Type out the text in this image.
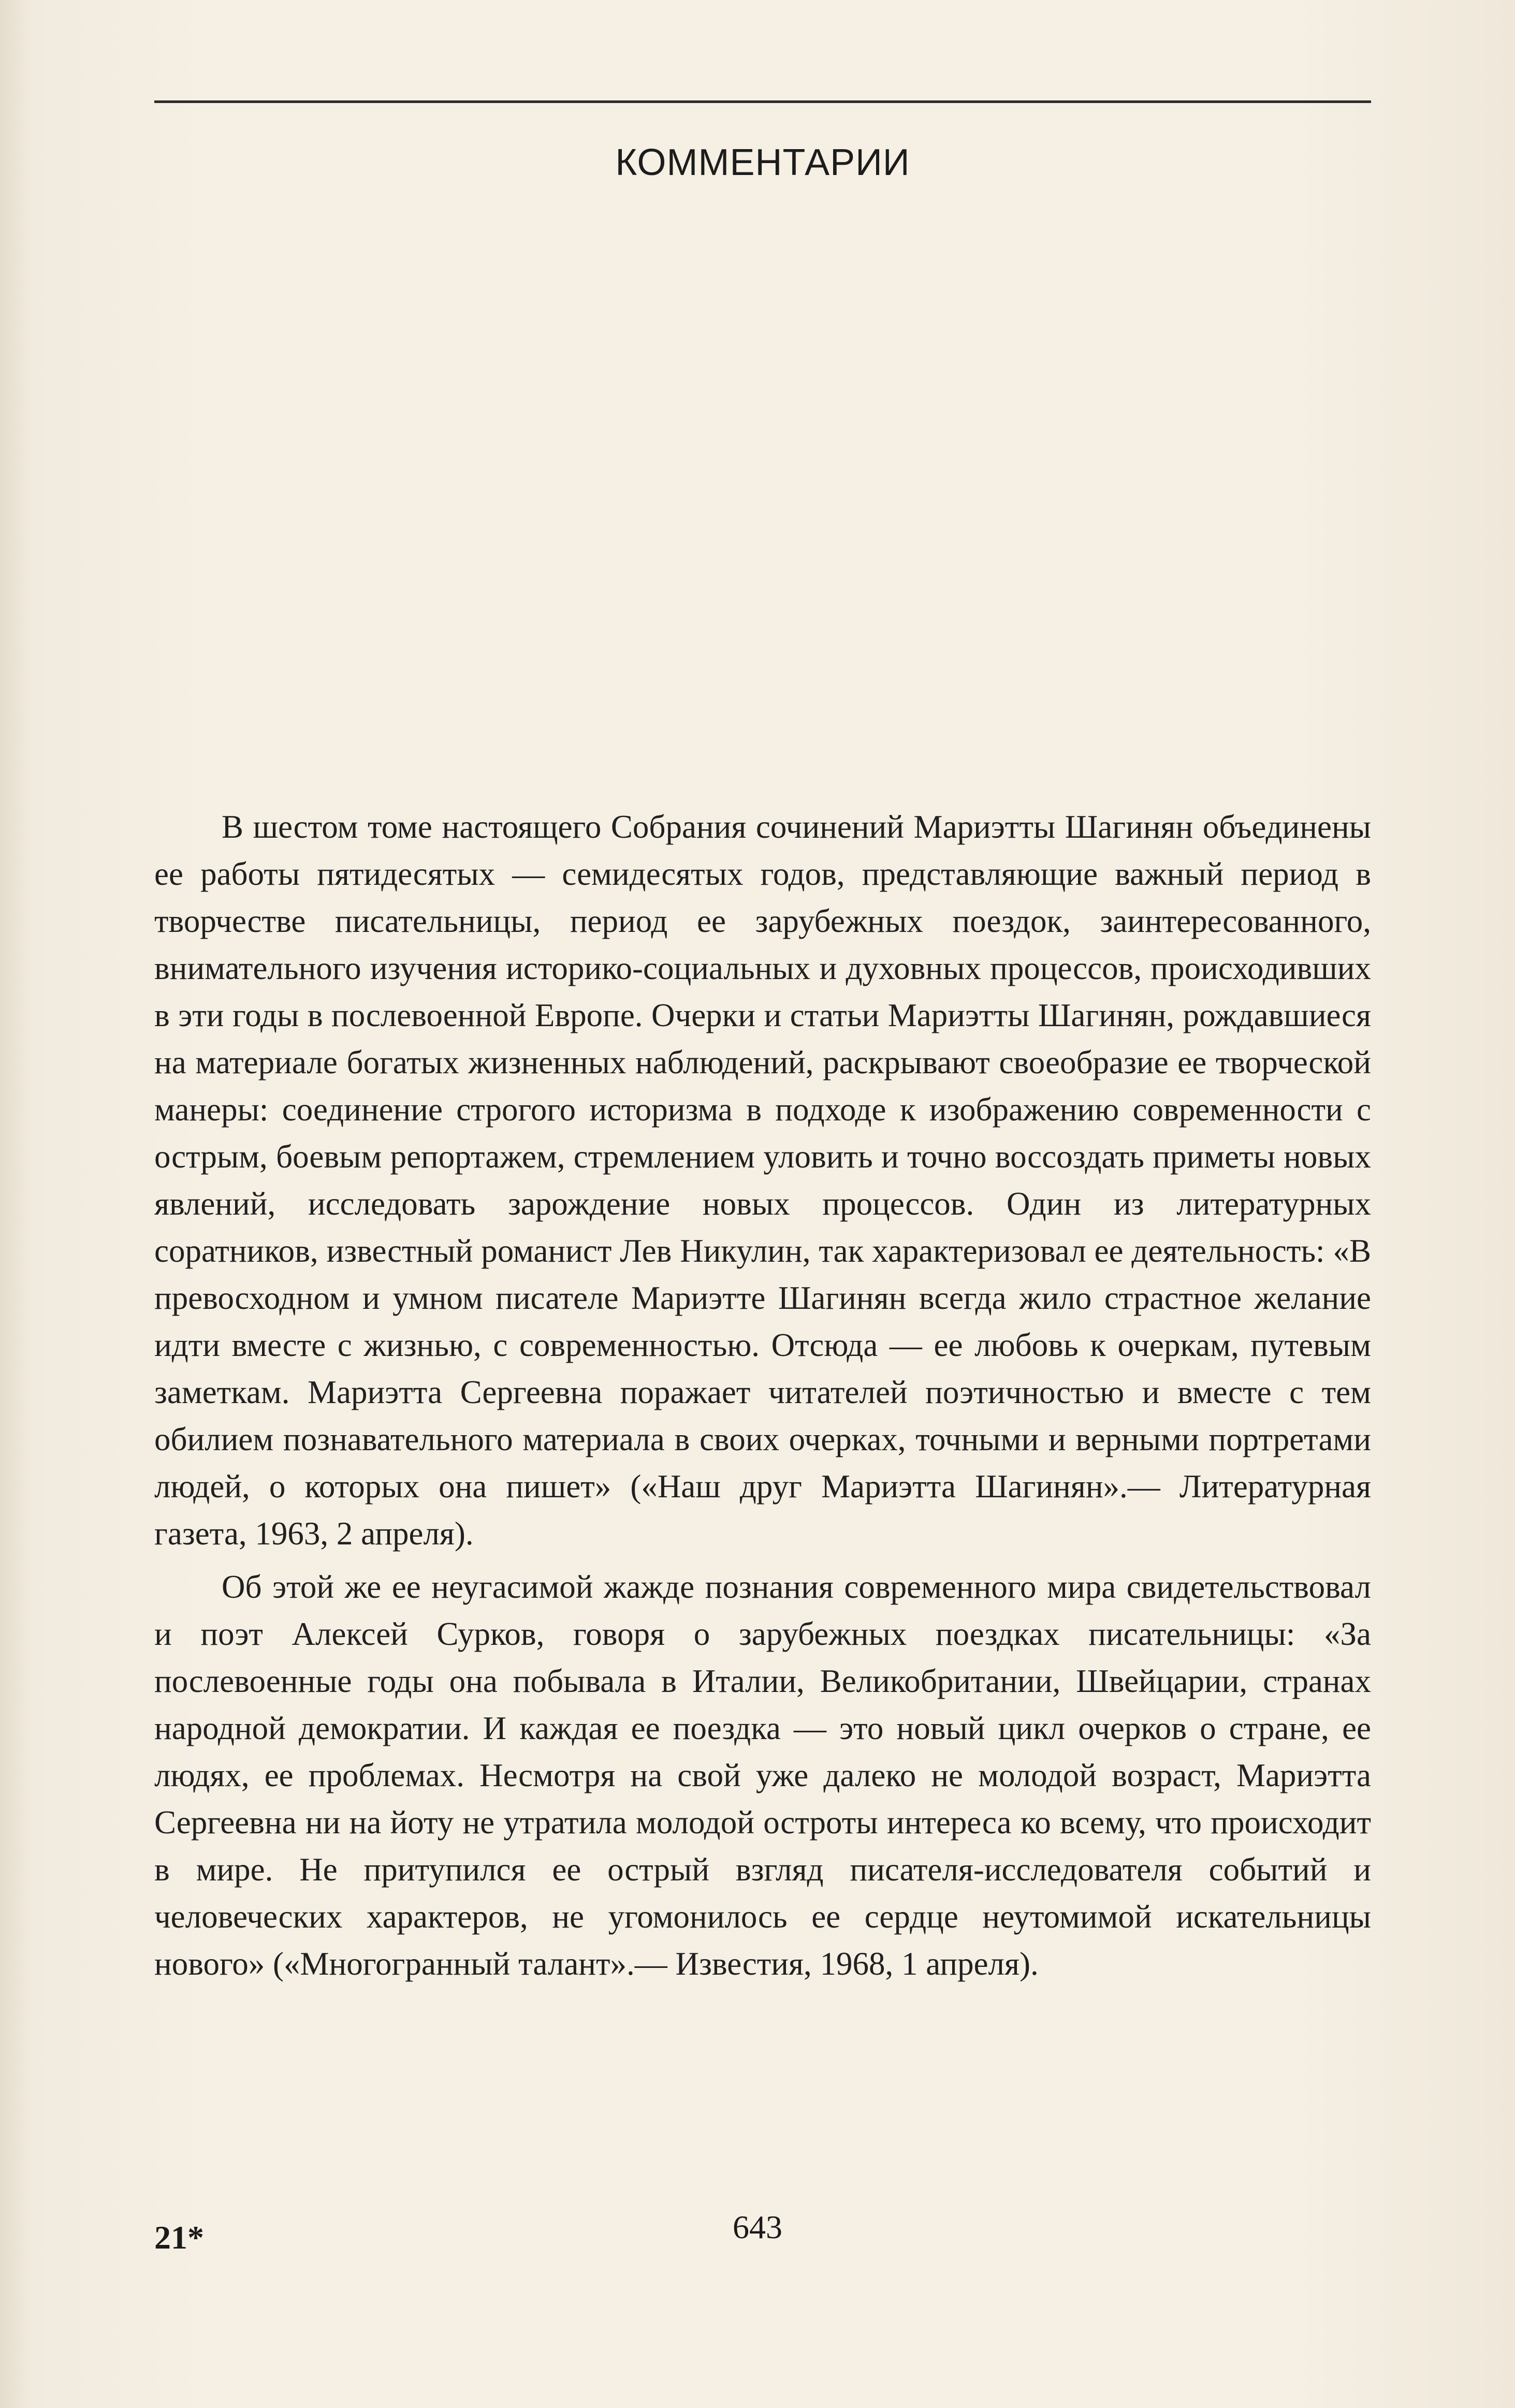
КОММЕНТАРИИ

В шестом томе настоящего Собрания сочинений Мариэтты Шагинян объединены ее работы пятидесятых — семидесятых годов, представляющие важный период в творчестве писательницы, период ее зарубежных поездок, заинтересованного, внимательного изучения историко-социальных и духовных процессов, происходивших в эти годы в послевоенной Европе. Очерки и статьи Мариэтты Шагинян, рождавшиеся на материале богатых жизненных наблюдений, раскрывают своеобразие ее творческой манеры: соединение строгого историзма в подходе к изображению современности с острым, боевым репортажем, стремлением уловить и точно воссоздать приметы новых явлений, исследовать зарождение новых процессов. Один из литературных соратников, известный романист Лев Никулин, так характеризовал ее деятельность: «В превосходном и умном писателе Мариэтте Шагинян всегда жило страстное желание идти вместе с жизнью, с современностью. Отсюда — ее любовь к очеркам, путевым заметкам. Мариэтта Сергеевна поражает читателей поэтичностью и вместе с тем обилием познавательного материала в своих очерках, точными и верными портретами людей, о которых она пишет» («Наш друг Мариэтта Шагинян».— Литературная газета, 1963, 2 апреля).

Об этой же ее неугасимой жажде познания современного мира свидетельствовал и поэт Алексей Сурков, говоря о зарубежных поездках писательницы: «За послевоенные годы она побывала в Италии, Великобритании, Швейцарии, странах народной демократии. И каждая ее поездка — это новый цикл очерков о стране, ее людях, ее проблемах. Несмотря на свой уже далеко не молодой возраст, Мариэтта Сергеевна ни на йоту не утратила молодой остроты интереса ко всему, что происходит в мире. Не притупился ее острый взгляд писателя-исследователя событий и человеческих характеров, не угомонилось ее сердце неутомимой искательницы нового» («Многогранный талант».— Известия, 1968, 1 апреля).

21*	643
